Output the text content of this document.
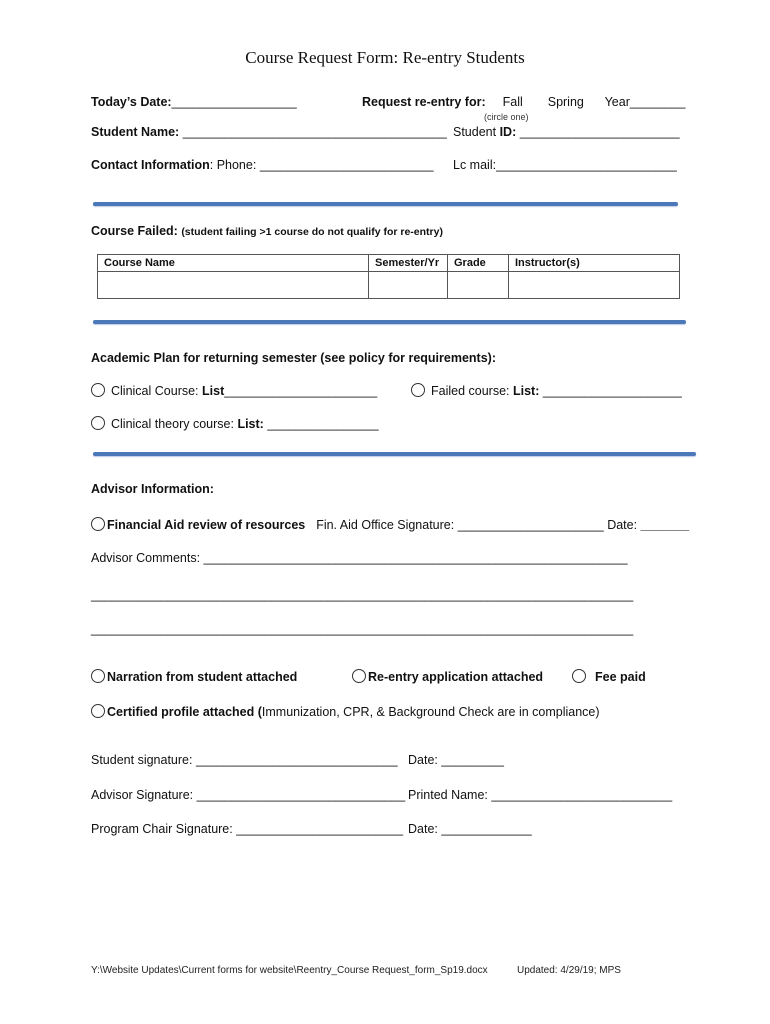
Course Request Form: Re-entry Students
Today’s Date:__________________	Request re-entry for: Fall Spring Year________
(circle one)
Student Name: ______________________________________ Student ID: _______________________
Contact Information: Phone: _________________________ Lc mail:__________________________
Course Failed: (student failing >1 course do not qualify for re-entry)
Course Name	Semester/Yr	Grade	Instructor(s)

Academic Plan for returning semester (see policy for requirements):
Clinical Course: List______________________	Failed course: List: ____________________
Clinical theory course: List: ________________
Advisor Information:
Financial Aid review of resources Fin. Aid Office Signature: _____________________ Date: _______
Advisor Comments: _____________________________________________________________
______________________________________________________________________________
______________________________________________________________________________
Narration from student attached	Re-entry application attached	Fee paid
Certified profile attached (Immunization, CPR, & Background Check are in compliance)
Student signature: _____________________________ Date: _________
Advisor Signature: ______________________________ Printed Name: __________________________
Program Chair Signature: ________________________ Date: _____________
Y:\Website Updates\Current forms for website\Reentry_Course Request_form_Sp19.docx	Updated: 4/29/19; MPS
